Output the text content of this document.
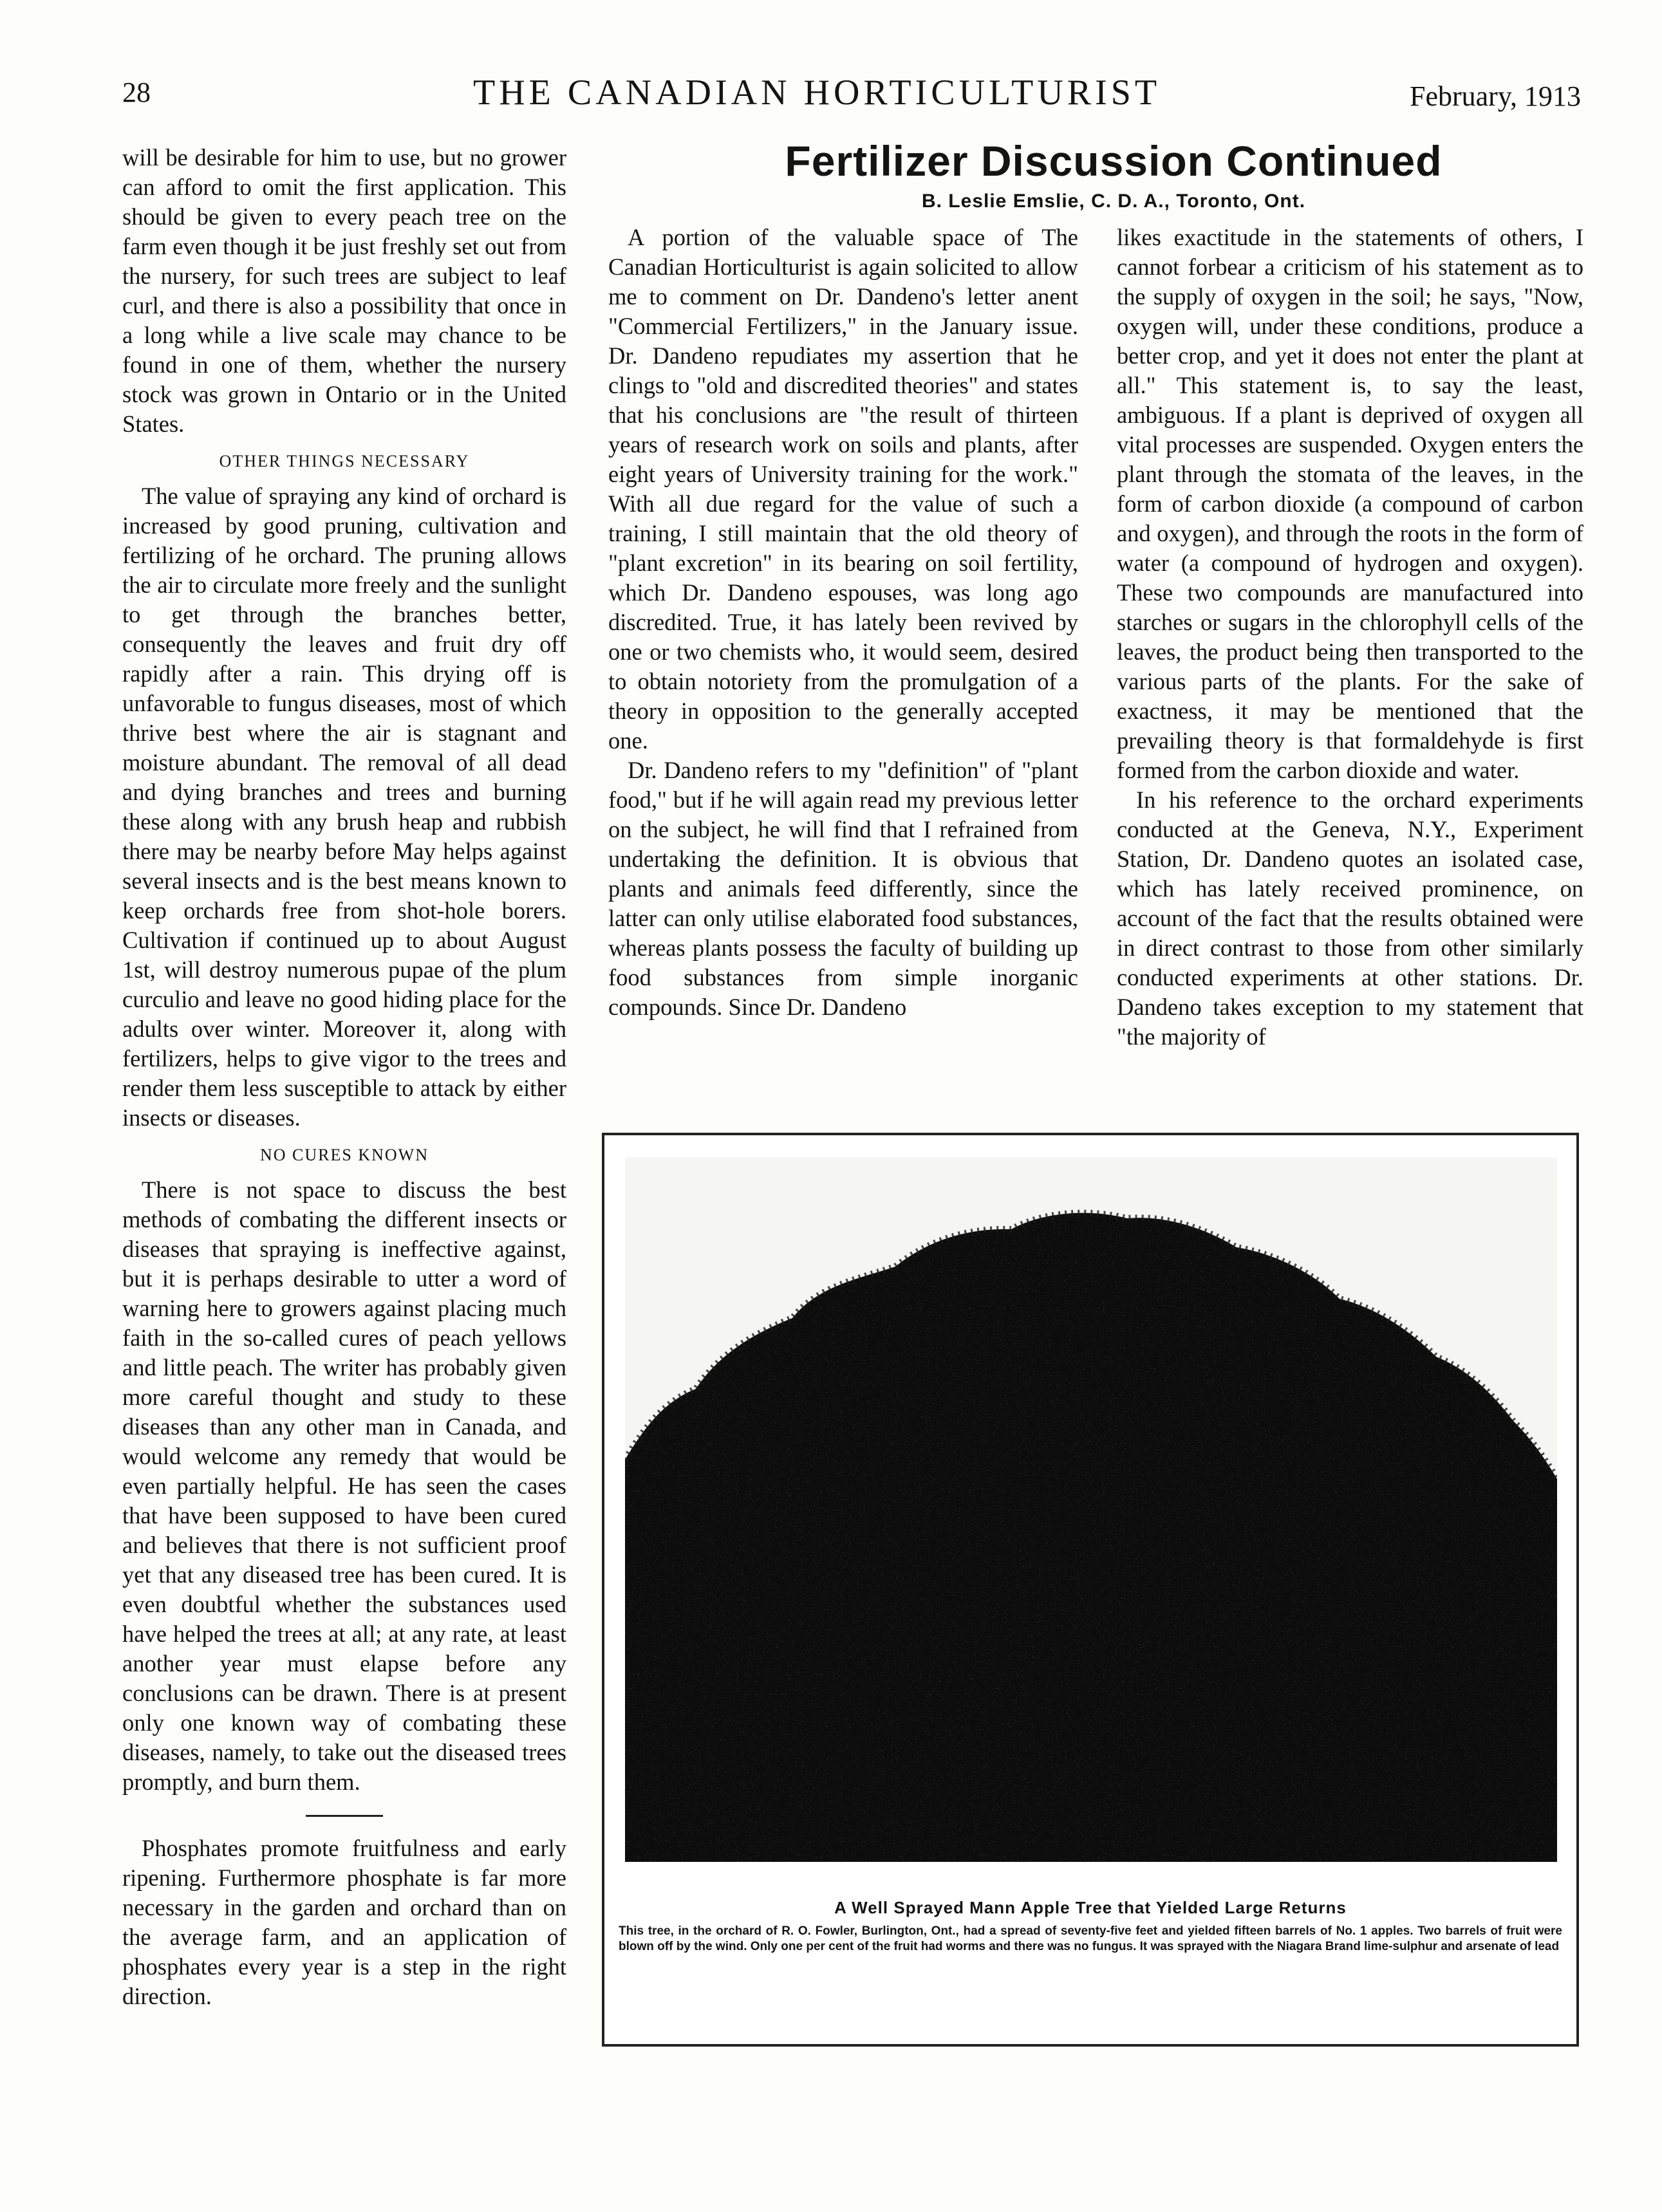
28	THE CANADIAN HORTICULTURIST	February, 1913

will be desirable for him to use, but no grower can afford to omit the first application. This should be given to every peach tree on the farm even though it be just freshly set out from the nursery, for such trees are subject to leaf curl, and there is also a possibility that once in a long while a live scale may chance to be found in one of them, whether the nursery stock was grown in Ontario or in the United States.

OTHER THINGS NECESSARY

The value of spraying any kind of orchard is increased by good pruning, cultivation and fertilizing of he orchard. The pruning allows the air to circulate more freely and the sunlight to get through the branches better, consequently the leaves and fruit dry off rapidly after a rain. This drying off is unfavorable to fungus diseases, most of which thrive best where the air is stagnant and moisture abundant. The removal of all dead and dying branches and trees and burning these along with any brush heap and rubbish there may be nearby before May helps against several insects and is the best means known to keep orchards free from shot-hole borers. Cultivation if continued up to about August 1st, will destroy numerous pupae of the plum curculio and leave no good hiding place for the adults over winter. Moreover it, along with fertilizers, helps to give vigor to the trees and render them less susceptible to attack by either insects or diseases.

NO CURES KNOWN

There is not space to discuss the best methods of combating the different insects or diseases that spraying is ineffective against, but it is perhaps desirable to utter a word of warning here to growers against placing much faith in the so-called cures of peach yellows and little peach. The writer has probably given more careful thought and study to these diseases than any other man in Canada, and would welcome any remedy that would be even partially helpful. He has seen the cases that have been supposed to have been cured and believes that there is not sufficient proof yet that any diseased tree has been cured. It is even doubtful whether the substances used have helped the trees at all; at any rate, at least another year must elapse before any conclusions can be drawn. There is at present only one known way of combating these diseases, namely, to take out the diseased trees promptly, and burn them.

Phosphates promote fruitfulness and early ripening. Furthermore phosphate is far more necessary in the garden and orchard than on the average farm, and an application of phosphates every year is a step in the right direction.

Fertilizer Discussion Continued
B. Leslie Emslie, C. D. A., Toronto, Ont.

A portion of the valuable space of The Canadian Horticulturist is again solicited to allow me to comment on Dr. Dandeno's letter anent "Commercial Fertilizers," in the January issue. Dr. Dandeno repudiates my assertion that he clings to "old and discredited theories" and states that his conclusions are "the result of thirteen years of research work on soils and plants, after eight years of University training for the work." With all due regard for the value of such a training, I still maintain that the old theory of "plant excretion" in its bearing on soil fertility, which Dr. Dandeno espouses, was long ago discredited. True, it has lately been revived by one or two chemists who, it would seem, desired to obtain notoriety from the promulgation of a theory in opposition to the generally accepted one.

Dr. Dandeno refers to my "definition" of "plant food," but if he will again read my previous letter on the subject, he will find that I refrained from undertaking the definition. It is obvious that plants and animals feed differently, since the latter can only utilise elaborated food substances, whereas plants possess the faculty of building up food substances from simple inorganic compounds. Since Dr. Dandeno

likes exactitude in the statements of others, I cannot forbear a criticism of his statement as to the supply of oxygen in the soil; he says, "Now, oxygen will, under these conditions, produce a better crop, and yet it does not enter the plant at all." This statement is, to say the least, ambiguous. If a plant is deprived of oxygen all vital processes are suspended. Oxygen enters the plant through the stomata of the leaves, in the form of carbon dioxide (a compound of carbon and oxygen), and through the roots in the form of water (a compound of hydrogen and oxygen). These two compounds are manufactured into starches or sugars in the chlorophyll cells of the leaves, the product being then transported to the various parts of the plants. For the sake of exactness, it may be mentioned that the prevailing theory is that formaldehyde is first formed from the carbon dioxide and water.

In his reference to the orchard experiments conducted at the Geneva, N.Y., Experiment Station, Dr. Dandeno quotes an isolated case, which has lately received prominence, on account of the fact that the results obtained were in direct contrast to those from other similarly conducted experiments at other stations. Dr. Dandeno takes exception to my statement that "the majority of

A Well Sprayed Mann Apple Tree that Yielded Large Returns
This tree, in the orchard of R. O. Fowler, Burlington, Ont., had a spread of seventy-five feet and yielded fifteen barrels of No. 1 apples. Two barrels of fruit were blown off by the wind. Only one per cent of the fruit had worms and there was no fungus. It was sprayed with the Niagara Brand lime-sulphur and arsenate of lead
